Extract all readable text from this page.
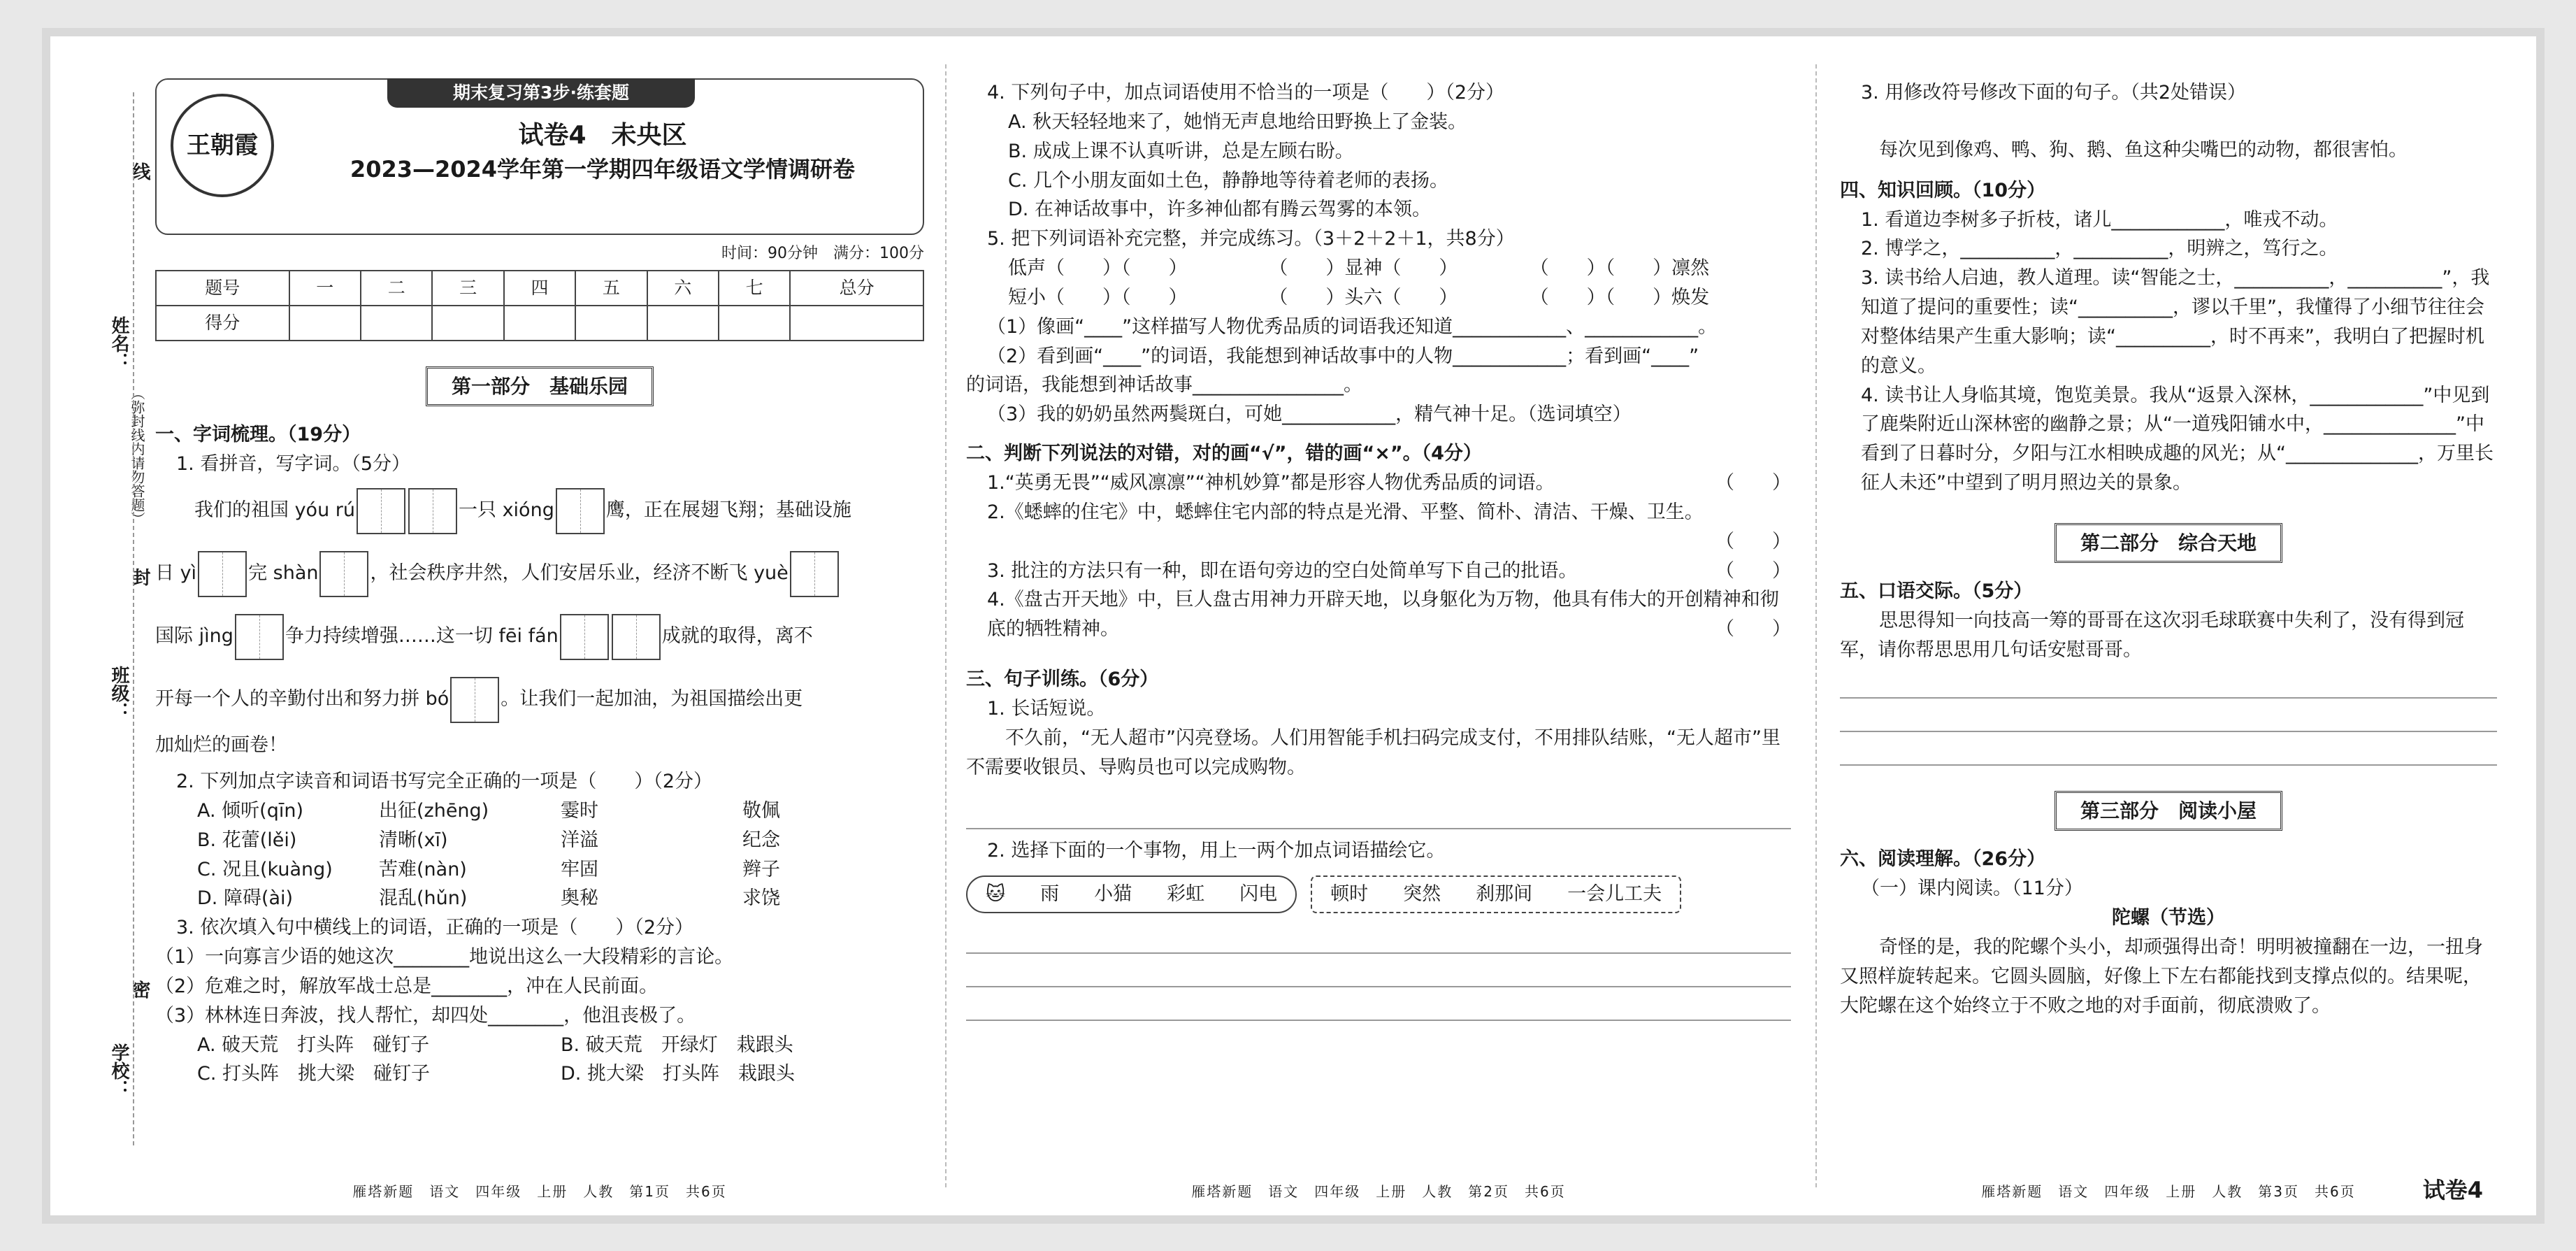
姓名：
（弥封线内请勿答题）
线
封
班级：
密
学校：
期末复习第3步·练套题
王朝霞	试卷4　未央区
2023—2024学年第一学期四年级语文学情调研卷
时间：90分钟　满分：100分
题号	一	二	三	四	五	六	七	总分
得分								
第一部分　基础乐园
一、字词梳理。（19分）
1. 看拼音，写字词。（5分）
我们的祖国 yóu rú	一只 xióng	鹰，正在展翅飞翔；基础设施
日 yì	完 shàn	，社会秩序井然，人们安居乐业，经济不断飞 yuè
国际 jìng	争力持续增强……这一切 fēi fán	成就的取得，离不
开每一个人的辛勤付出和努力拼 bó	。让我们一起加油，为祖国描绘出更
加灿烂的画卷！
2. 下列加点字读音和词语书写完全正确的一项是（　　）（2分）
A. 倾听(qīn)	出征(zhēng)	霎时	敬佩
B. 花蕾(lěi)	清晰(xī)	洋溢	纪念
C. 况且(kuàng)	苦难(nàn)	牢固	辫子
D. 障碍(ài)	混乱(hǔn)	奥秘	求饶
3. 依次填入句中横线上的词语，正确的一项是（　　）（2分）
（1）一向寡言少语的她这次________地说出这么一大段精彩的言论。
（2）危难之时，解放军战士总是________，冲在人民前面。
（3）林林连日奔波，找人帮忙，却四处________，他沮丧极了。
A. 破天荒　打头阵　碰钉子	B. 破天荒　开绿灯　栽跟头
C. 打头阵　挑大梁　碰钉子	D. 挑大梁　打头阵　栽跟头
雁塔新题　语文　四年级　上册　人教　第1页　共6页
4. 下列句子中，加点词语使用不恰当的一项是（　　）（2分）
A. 秋天轻轻地来了，她悄无声息地给田野换上了金装。
B. 成成上课不认真听讲，总是左顾右盼。
C. 几个小朋友面如土色，静静地等待着老师的表扬。
D. 在神话故事中，许多神仙都有腾云驾雾的本领。
5. 把下列词语补充完整，并完成练习。（3＋2＋2＋1，共8分）
低声（　　）（　　）	（　　）显神（　　）	（　　）（　　）凛然
短小（　　）（　　）	（　　）头六（　　）	（　　）（　　）焕发
（1）像画“____”这样描写人物优秀品质的词语我还知道____________、____________。
（2）看到画“____”的词语，我能想到神话故事中的人物____________；看到画“____”
的词语，我能想到神话故事________________。
（3）我的奶奶虽然两鬓斑白，可她____________，精气神十足。（选词填空）
二、判断下列说法的对错，对的画“√”，错的画“×”。（4分）
1.“英勇无畏”“威风凛凛”“神机妙算”都是形容人物优秀品质的词语。	（　　）
2.《蟋蟀的住宅》中，蟋蟀住宅内部的特点是光滑、平整、简朴、清洁、干燥、卫生。

（　　）

3. 批注的方法只有一种，即在语句旁边的空白处简单写下自己的批语。	（　　）
4.《盘古开天地》中，巨人盘古用神力开辟天地，以身躯化为万物，他具有伟大的开创精神和彻底的牺牲精神。	（　　）
三、句子训练。（6分）
1. 长话短说。
不久前，“无人超市”闪亮登场。人们用智能手机扫码完成支付，不用排队结账，“无人超市”里不需要收银员、导购员也可以完成购物。
2. 选择下面的一个事物，用上一两个加点词语描绘它。
🐱 雨 小猫 彩虹 闪电	顿时 突然 刹那间 一会儿工夫
雁塔新题　语文　四年级　上册　人教　第2页　共6页
3. 用修改符号修改下面的句子。（共2处错误）
每次见到像鸡、鸭、狗、鹅、鱼这种尖嘴巴的动物，都很害怕。
四、知识回顾。（10分）
1. 看道边李树多子折枝，诸儿____________，唯戎不动。
2. 博学之，__________，__________，明辨之，笃行之。
3. 读书给人启迪，教人道理。读“智能之士，__________，__________”，我知道了提问的重要性；读“__________，谬以千里”，我懂得了小细节往往会对整体结果产生重大影响；读“__________，时不再来”，我明白了把握时机的意义。
4. 读书让人身临其境，饱览美景。我从“返景入深林，____________”中见到了鹿柴附近山深林密的幽静之景；从“一道残阳铺水中，______________”中看到了日暮时分，夕阳与江水相映成趣的风光；从“______________，万里长征人未还”中望到了明月照边关的景象。
第二部分　综合天地
五、口语交际。（5分）
思思得知一向技高一筹的哥哥在这次羽毛球联赛中失利了，没有得到冠军，请你帮思思用几句话安慰哥哥。
第三部分　阅读小屋
六、阅读理解。（26分）
（一）课内阅读。（11分）
陀螺（节选）
奇怪的是，我的陀螺个头小，却顽强得出奇！明明被撞翻在一边，一扭身又照样旋转起来。它圆头圆脑，好像上下左右都能找到支撑点似的。结果呢，大陀螺在这个始终立于不败之地的对手面前，彻底溃败了。
雁塔新题　语文　四年级　上册　人教　第3页　共6页	试卷4
